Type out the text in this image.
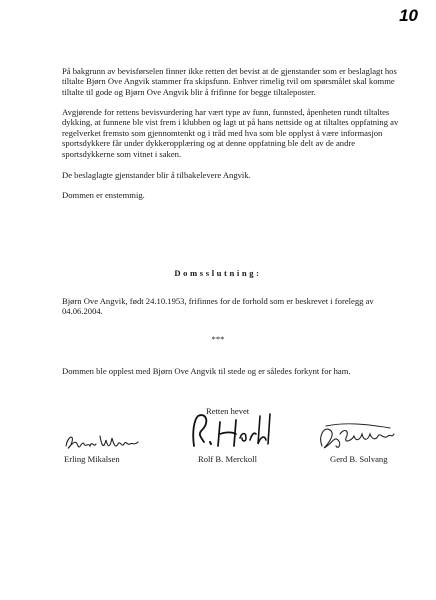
10

På bakgrunn av bevisførselen finner ikke retten det bevist at de gjenstander som er beslaglagt hos tiltalte Bjørn Ove Angvik stammer fra skipsfunn. Enhver rimelig tvil om spørsmålet skal komme tiltalte til gode og Bjørn Ove Angvik blir å frifinne for begge tiltaleposter.

Avgjørende for rettens bevisvurdering har vært type av funn, funnsted, åpenheten rundt tiltaltes dykking, at funnene ble vist frem i klubben og lagt ut på hans nettside og at tiltaltes oppfatning av regelverket fremsto som gjennomtenkt og i tråd med hva som ble opplyst å være informasjon sportsdykkere får under dykkeropplæring og at denne oppfatning ble delt av de andre sportsdykkerne som vitnet i saken.

De beslaglagte gjenstander blir å tilbakelevere Angvik.

Dommen er enstemmig.

Domsslutning:

Bjørn Ove Angvik, født 24.10.1953, frifinnes for de forhold som er beskrevet i forelegg av 04.06.2004.

***

Dommen ble opplest med Bjørn Ove Angvik til stede og er således forkynt for ham.

Retten hevet
Erling Mikalsen	Rolf B. Merckoll	Gerd B. Solvang
